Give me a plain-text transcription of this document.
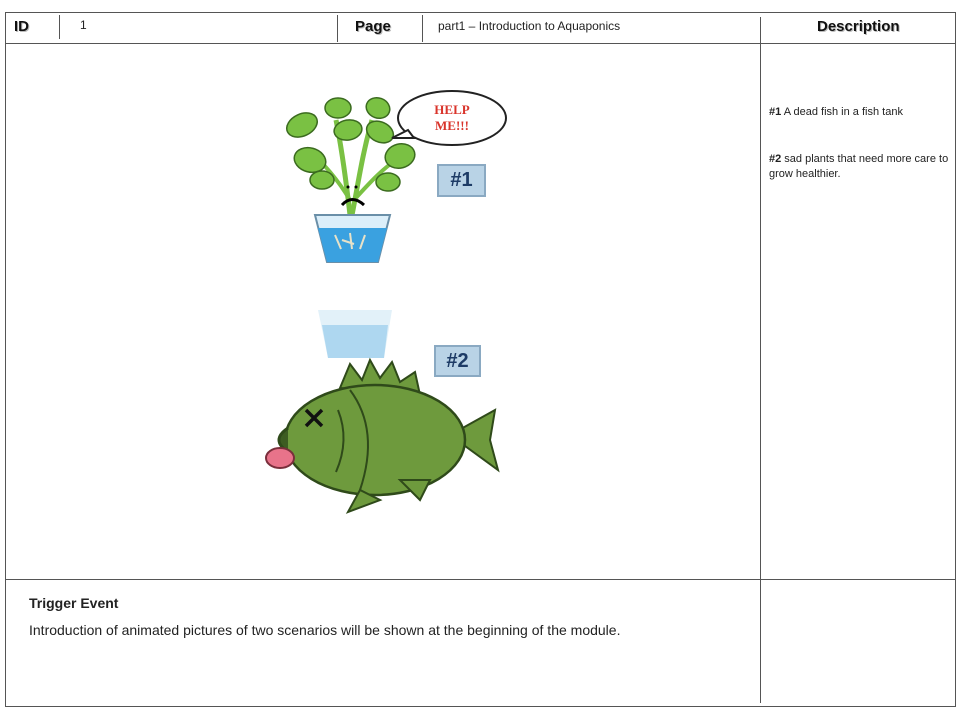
ID	1	Page	part1 – Introduction to Aquaponics	Description
#1 A dead fish in a fish tank
#2 sad plants that need more care to grow healthier.
HELP
ME!!!
#1
#2
Trigger Event
Introduction of animated pictures of two scenarios will be shown at the beginning of the module.
